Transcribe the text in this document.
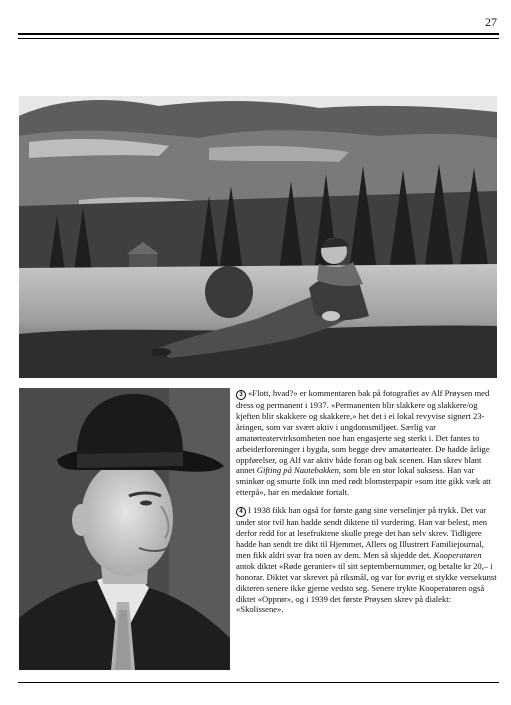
27

3 «Flott, hvad?» er kommentaren bak på fotografiet av Alf Prøysen med dress og permanent i 1937. «Permanenten blir slakkere og slakkere/og kjeften blir skakkere og skakkere,» het det i ei lokal revyvise signert 23-åringen, som var svært aktiv i ungdomsmiljøet. Særlig var amatørteatervirksomheten noe han engasjerte seg sterkt i. Det fantes to arbeiderforeninger i bygda, som begge drev amatørteater. De hadde årlige oppførelser, og Alf var aktiv både foran og bak scenen. Han skrev blant annet Gifting på Nautebakken, som ble en stor lokal suksess. Han var sminkør og smurte folk inn med rødt blomsterpapir »som itte gikk væk att etterpå«, har en medaktør fortalt.

4 I 1938 fikk han også for første gang sine verselinjer på trykk. Det var under stor tvil han hadde sendt diktene til vurdering. Han var belest, men derfor redd for at lesefruktene skulle prege det han selv skrev. Tidligere hadde han sendt tre dikt til Hjemmet, Allers og Illustrert Familiejournal, men fikk aldri svar fra noen av dem. Men så skjedde det. Kooperatøren antok diktet «Røde geranier» til sitt septembernummer, og betalte kr 20,– i honorar. Diktet var skrevet på riksmål, og var for øvrig et stykke versekunst dikteren senere ikke gjerne vedsto seg. Senere trykte Kooperatøren også diktet «Opprør», og i 1939 det første Prøysen skrev på dialekt: «Skolissene».
